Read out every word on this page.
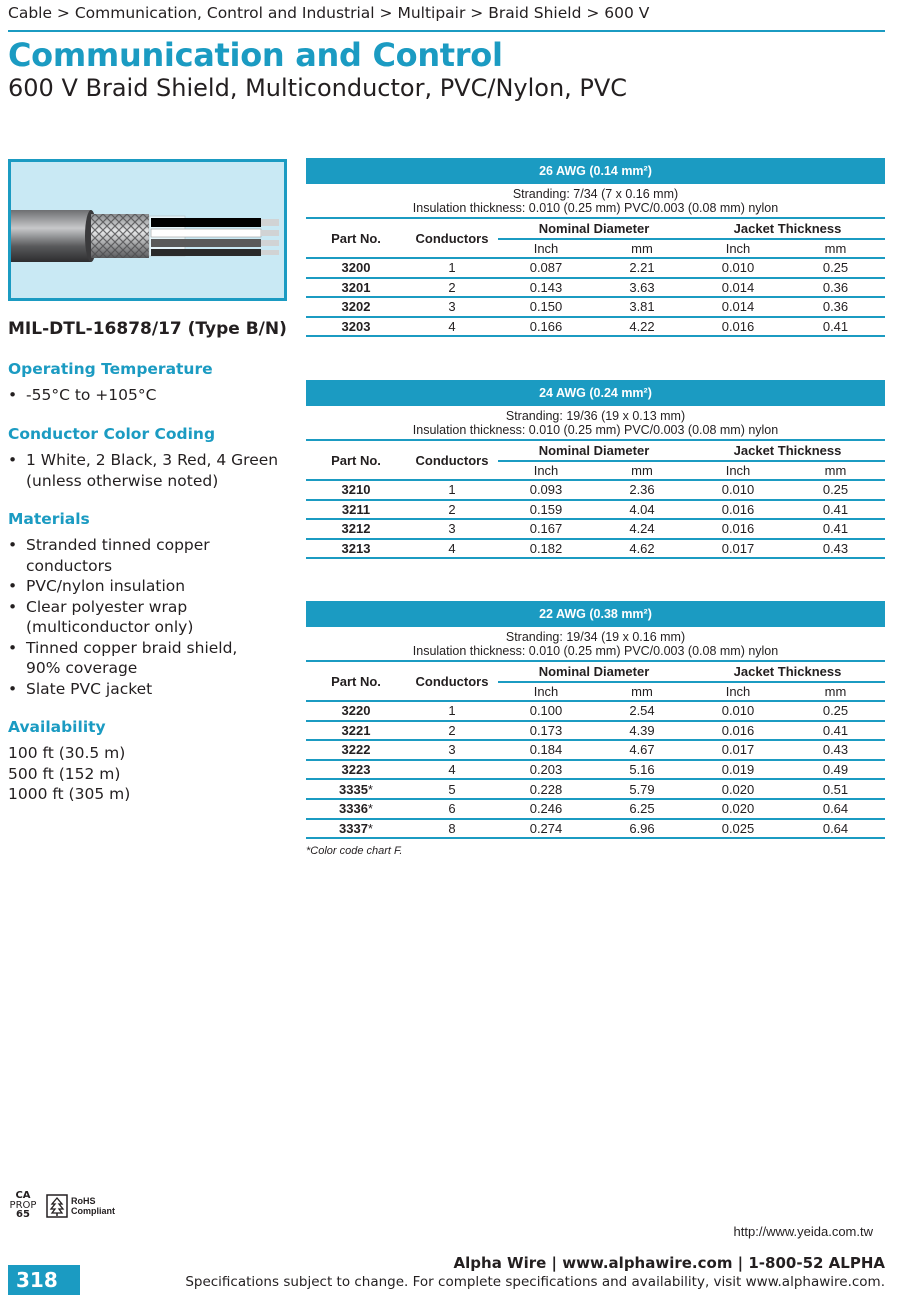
Cable > Communication, Control and Industrial > Multipair > Braid Shield > 600 V
Communication and Control
600 V Braid Shield, Multiconductor, PVC/Nylon, PVC
MIL-DTL-16878/17 (Type B/N)
Operating Temperature
• -55°C to +105°C
Conductor Color Coding
• 1 White, 2 Black, 3 Red, 4 Green
(unless otherwise noted)
Materials
• Stranded tinned copper
conductors
• PVC/nylon insulation
• Clear polyester wrap
(multiconductor only)
• Tinned copper braid shield,
90% coverage
• Slate PVC jacket
Availability
100 ft (30.5 m)
500 ft (152 m)
1000 ft (305 m)
26 AWG (0.14 mm²)
Stranding: 7/34 (7 x 0.16 mm)
Insulation thickness: 0.010 (0.25 mm) PVC/0.003 (0.08 mm) nylon
Part No.	Conductors	Nominal Diameter		Jacket Thickness	
		Inch	mm	Inch	mm
3200	1	0.087	2.21	0.010	0.25
3201	2	0.143	3.63	0.014	0.36
3202	3	0.150	3.81	0.014	0.36
3203	4	0.166	4.22	0.016	0.41
24 AWG (0.24 mm²)
Stranding: 19/36 (19 x 0.13 mm)
Insulation thickness: 0.010 (0.25 mm) PVC/0.003 (0.08 mm) nylon
Part No.	Conductors	Nominal Diameter		Jacket Thickness	
		Inch	mm	Inch	mm
3210	1	0.093	2.36	0.010	0.25
3211	2	0.159	4.04	0.016	0.41
3212	3	0.167	4.24	0.016	0.41
3213	4	0.182	4.62	0.017	0.43
22 AWG (0.38 mm²)
Stranding: 19/34 (19 x 0.16 mm)
Insulation thickness: 0.010 (0.25 mm) PVC/0.003 (0.08 mm) nylon
Part No.	Conductors	Nominal Diameter		Jacket Thickness	
		Inch	mm	Inch	mm
3220	1	0.100	2.54	0.010	0.25
3221	2	0.173	4.39	0.016	0.41
3222	3	0.184	4.67	0.017	0.43
3223	4	0.203	5.16	0.019	0.49
3335*	5	0.228	5.79	0.020	0.51
3336*	6	0.246	6.25	0.020	0.64
3337*	8	0.274	6.96	0.025	0.64
*Color code chart F.
CA
PROP
65
RoHS
Compliant
http://www.yeida.com.tw
Alpha Wire | www.alphawire.com | 1-800-52 ALPHA
Specifications subject to change. For complete specifications and availability, visit www.alphawire.com.
318
